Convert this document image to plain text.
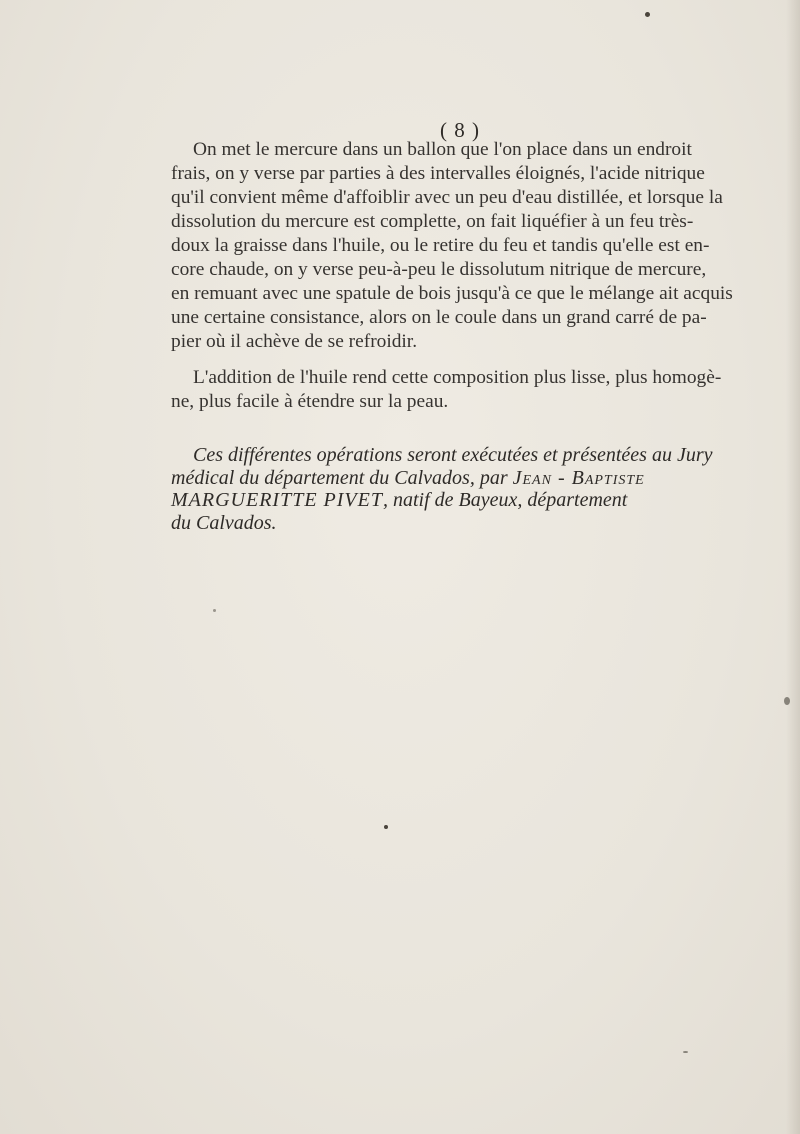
( 8 )
On met le mercure dans un ballon que l'on place dans un endroit
frais, on y verse par parties à des intervalles éloignés, l'acide nitrique
qu'il convient même d'affoiblir avec un peu d'eau distillée, et lorsque la
dissolution du mercure est complette, on fait liquéfier à un feu très-
doux la graisse dans l'huile, ou le retire du feu et tandis qu'elle est en-
core chaude, on y verse peu-à-peu le dissolutum nitrique de mercure,
en remuant avec une spatule de bois jusqu'à ce que le mélange ait acquis
une certaine consistance, alors on le coule dans un grand carré de pa-
pier où il achève de se refroidir.
L'addition de l'huile rend cette composition plus lisse, plus homogè-
ne, plus facile à étendre sur la peau.
Ces différentes opérations seront exécutées et présentées au Jury
médical du département du Calvados, par Jean - Baptiste
MARGUERITTE PIVET, natif de Bayeux, département
du Calvados.
